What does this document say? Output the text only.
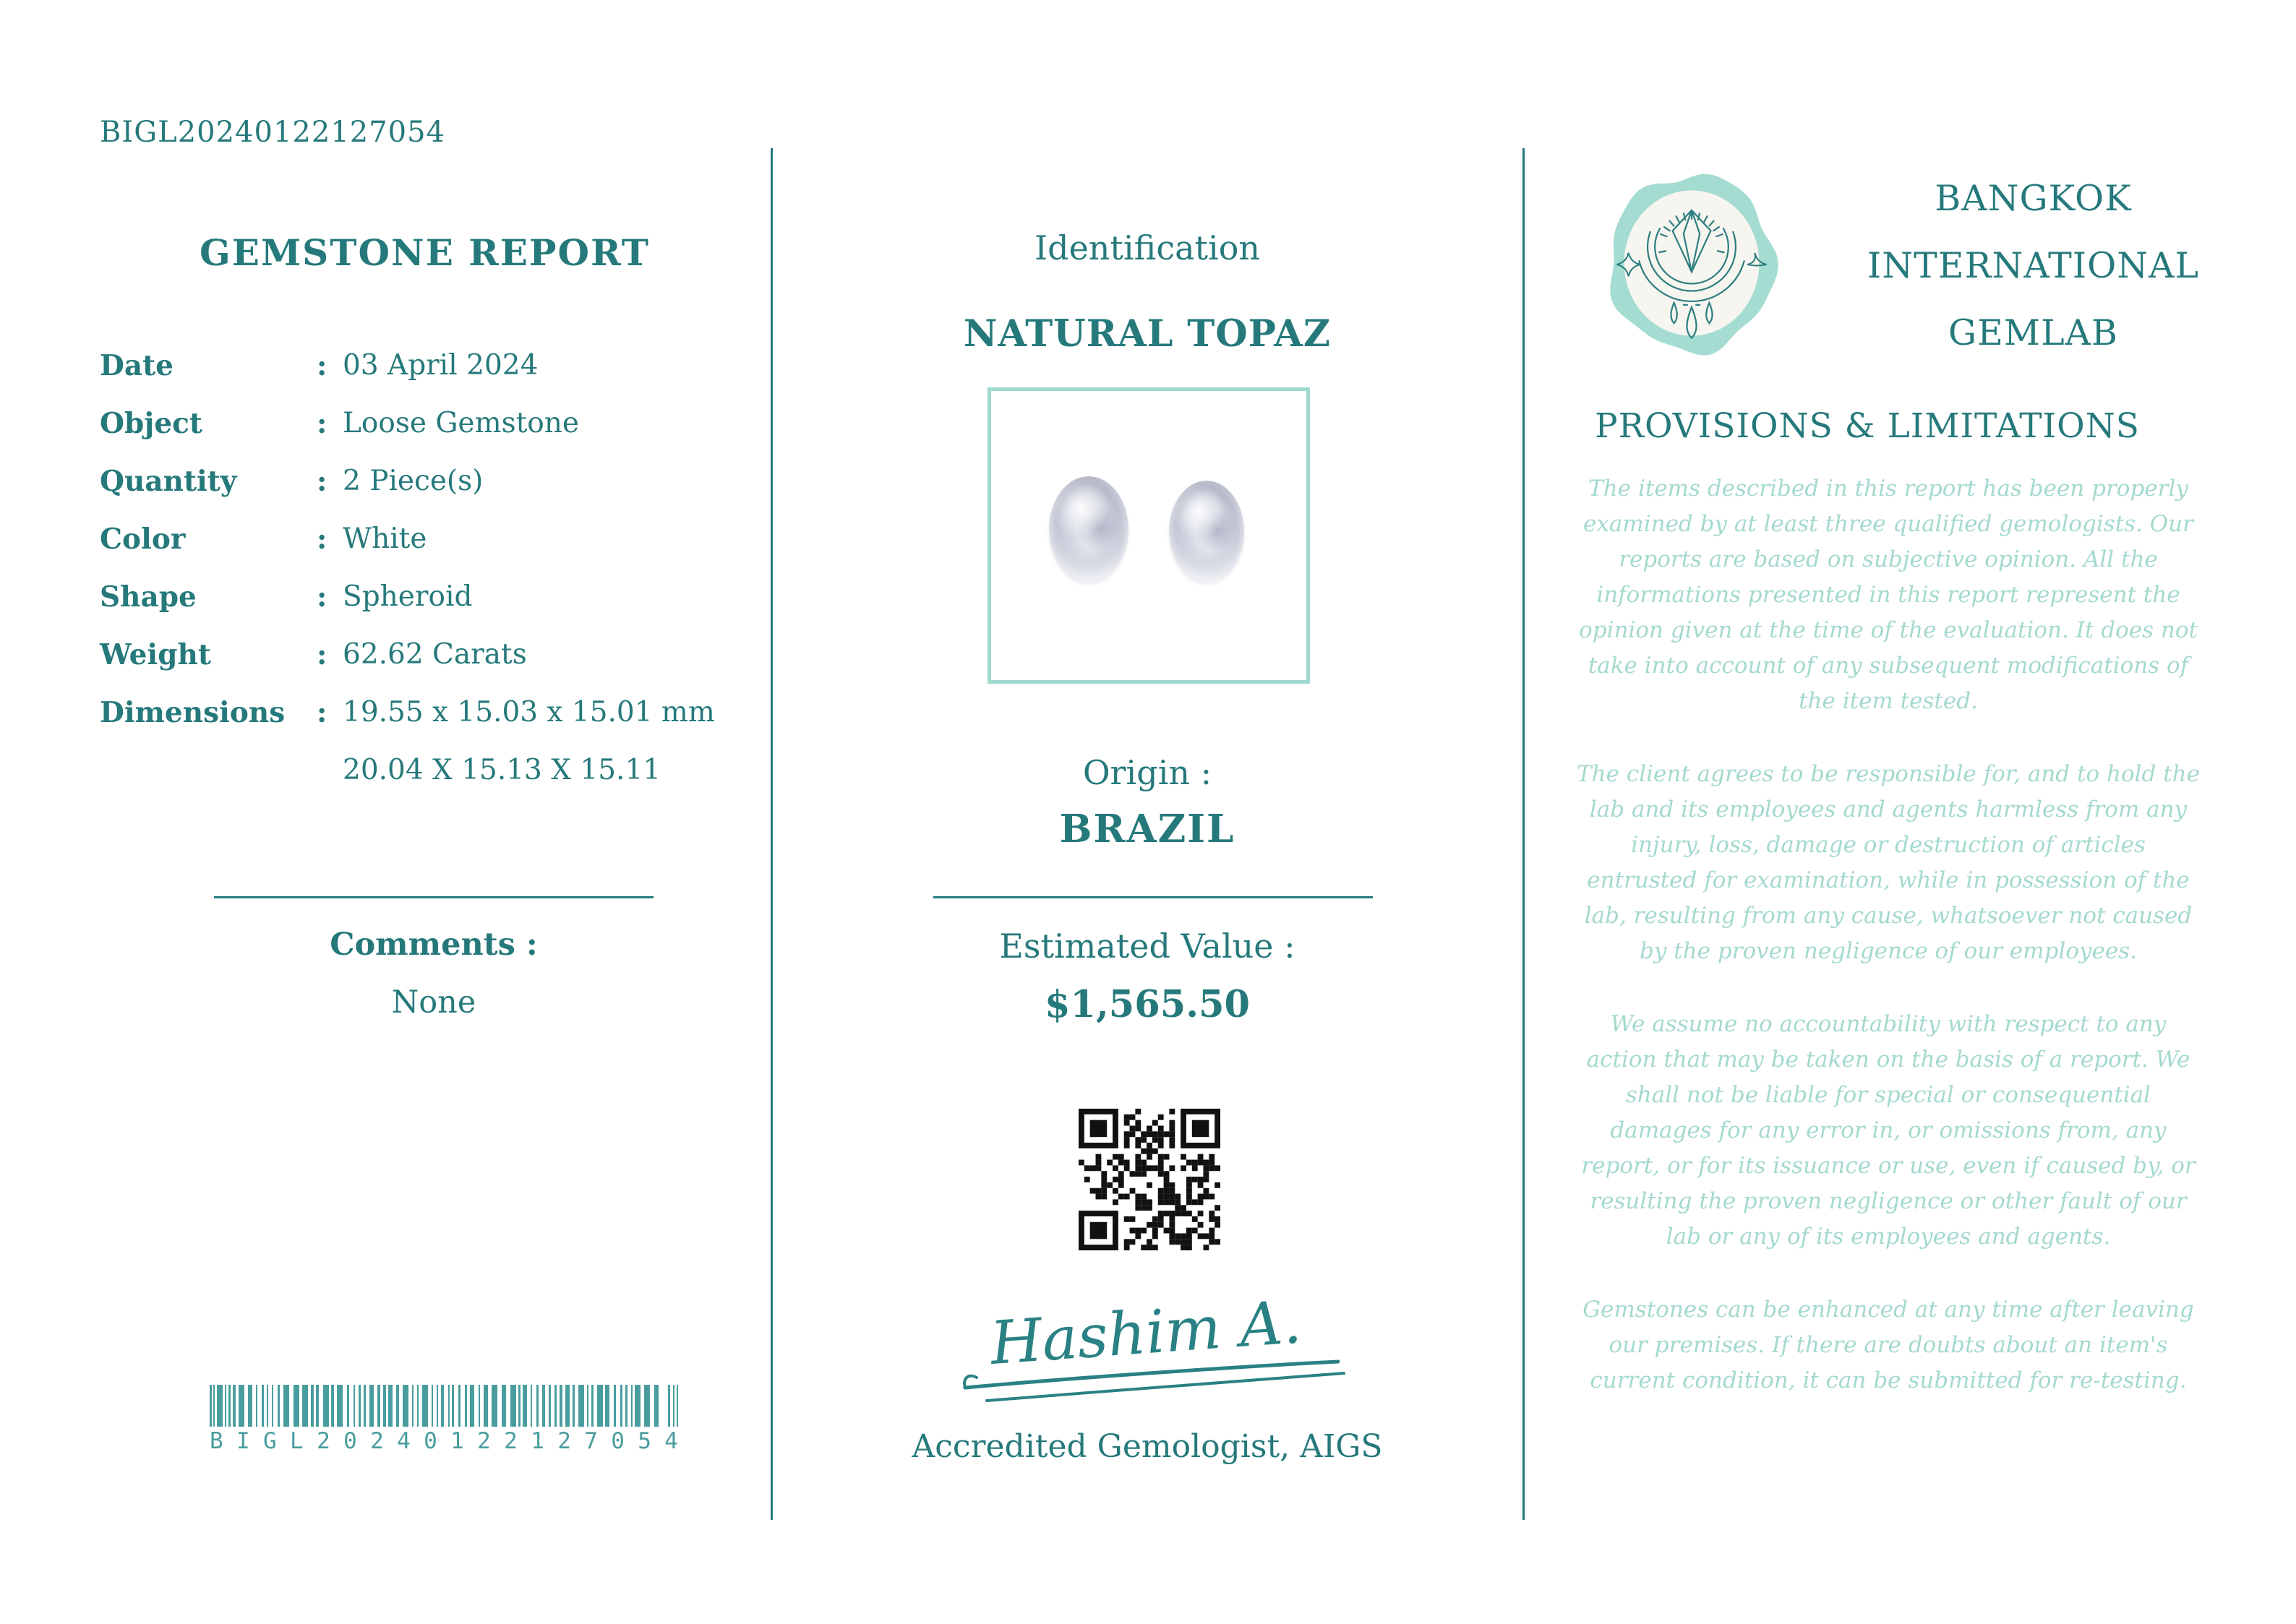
BIGL20240122127054
GEMSTONE REPORT
Date	: 03 April 2024
Object	: Loose Gemstone
Quantity	: 2 Piece(s)
Color	: White
Shape	: Spheroid
Weight	: 62.62 Carats
Dimensions	: 19.55 x 15.03 x 15.01 mm
20.04 X 15.13 X 15.11
Comments :
None
B I G L 2 0 2 4 0 1 2 2 1 2 7 0 5 4
Identification
NATURAL TOPAZ
Origin :
BRAZIL
Estimated Value :
$1,565.50
Hashim A.
Accredited Gemologist, AIGS
BANGKOK
INTERNATIONAL
GEMLAB
PROVISIONS & LIMITATIONS

The items described in this report has been properly examined by at least three qualified gemologists. Our reports are based on subjective opinion. All the informations presented in this report represent the opinion given at the time of the evaluation. It does not take into account of any subsequent modifications of the item tested.

The client agrees to be responsible for, and to hold the lab and its employees and agents harmless from any injury, loss, damage or destruction of articles entrusted for examination, while in possession of the lab, resulting from any cause, whatsoever not caused by the proven negligence of our employees.

We assume no accountability with respect to any action that may be taken on the basis of a report. We shall not be liable for special or consequential damages for any error in, or omissions from, any report, or for its issuance or use, even if caused by, or resulting the proven negligence or other fault of our lab or any of its employees and agents.

Gemstones can be enhanced at any time after leaving our premises. If there are doubts about an item's current condition, it can be submitted for re-testing.
